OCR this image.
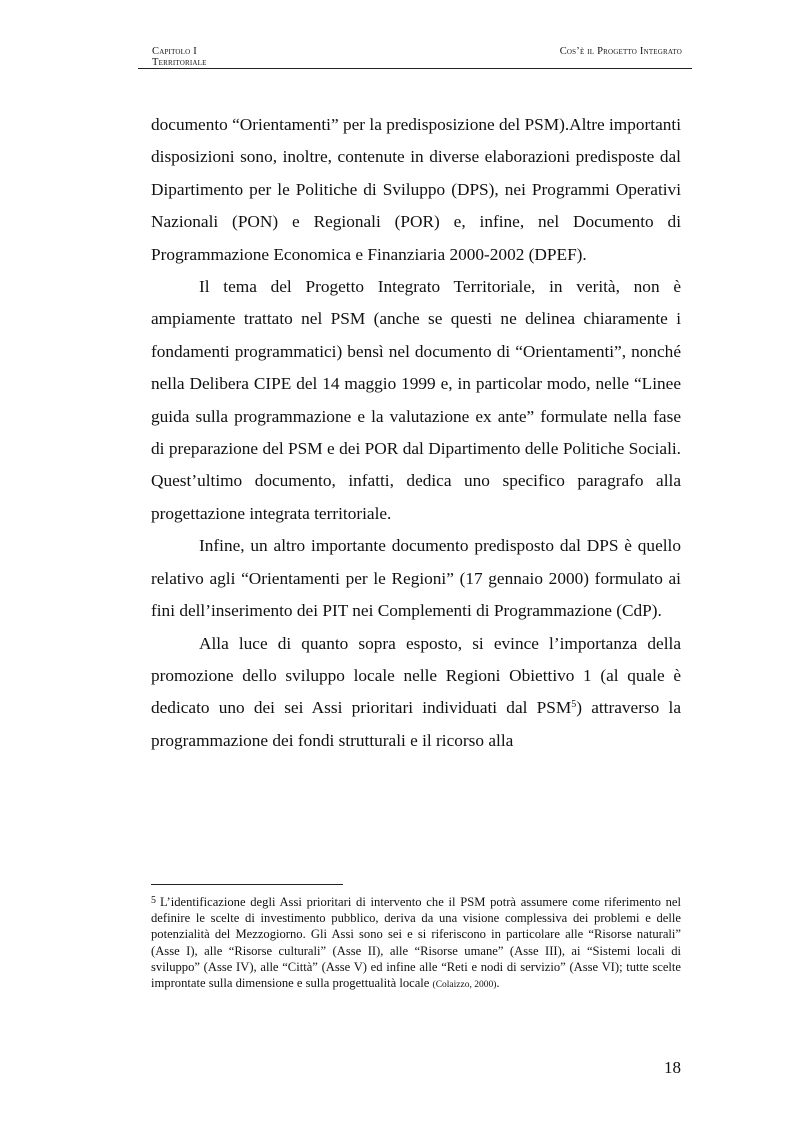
Capitolo I
Territoriale
Cos’è il Progetto Integrato

documento “Orientamenti” per la predisposizione del PSM).Altre importanti disposizioni sono, inoltre, contenute in diverse elaborazioni predisposte dal Dipartimento per le Politiche di Sviluppo (DPS), nei Programmi Operativi Nazionali (PON) e Regionali (POR) e, infine, nel Documento di Programmazione Economica e Finanziaria 2000-2002 (DPEF).

Il tema del Progetto Integrato Territoriale, in verità, non è ampiamente trattato nel PSM (anche se questi ne delinea chiaramente i fondamenti programmatici) bensì nel documento di “Orientamenti”, nonché nella Delibera CIPE del 14 maggio 1999 e, in particolar modo, nelle “Linee guida sulla programmazione e la valutazione ex ante” formulate nella fase di preparazione del PSM e dei POR dal Dipartimento delle Politiche Sociali. Quest’ultimo documento, infatti, dedica uno specifico paragrafo alla progettazione integrata territoriale.

Infine, un altro importante documento predisposto dal DPS è quello relativo agli “Orientamenti per le Regioni” (17 gennaio 2000) formulato ai fini dell’inserimento dei PIT nei Complementi di Programmazione (CdP).

Alla luce di quanto sopra esposto, si evince l’importanza della promozione dello sviluppo locale nelle Regioni Obiettivo 1 (al quale è dedicato uno dei sei Assi prioritari individuati dal PSM$^5$) attraverso la programmazione dei fondi strutturali e il ricorso alla

$^5$ L’identificazione degli Assi prioritari di intervento che il PSM potrà assumere come riferimento nel definire le scelte di investimento pubblico, deriva da una visione complessiva dei problemi e delle potenzialità del Mezzogiorno. Gli Assi sono sei e si riferiscono in particolare alle “Risorse naturali” (Asse I), alle “Risorse culturali” (Asse II), alle “Risorse umane” (Asse III), ai “Sistemi locali di sviluppo” (Asse IV), alle “Città” (Asse V) ed infine alle “Reti e nodi di servizio” (Asse VI); tutte scelte improntate sulla dimensione e sulla progettualità locale (Colaizzo, 2000).
18
